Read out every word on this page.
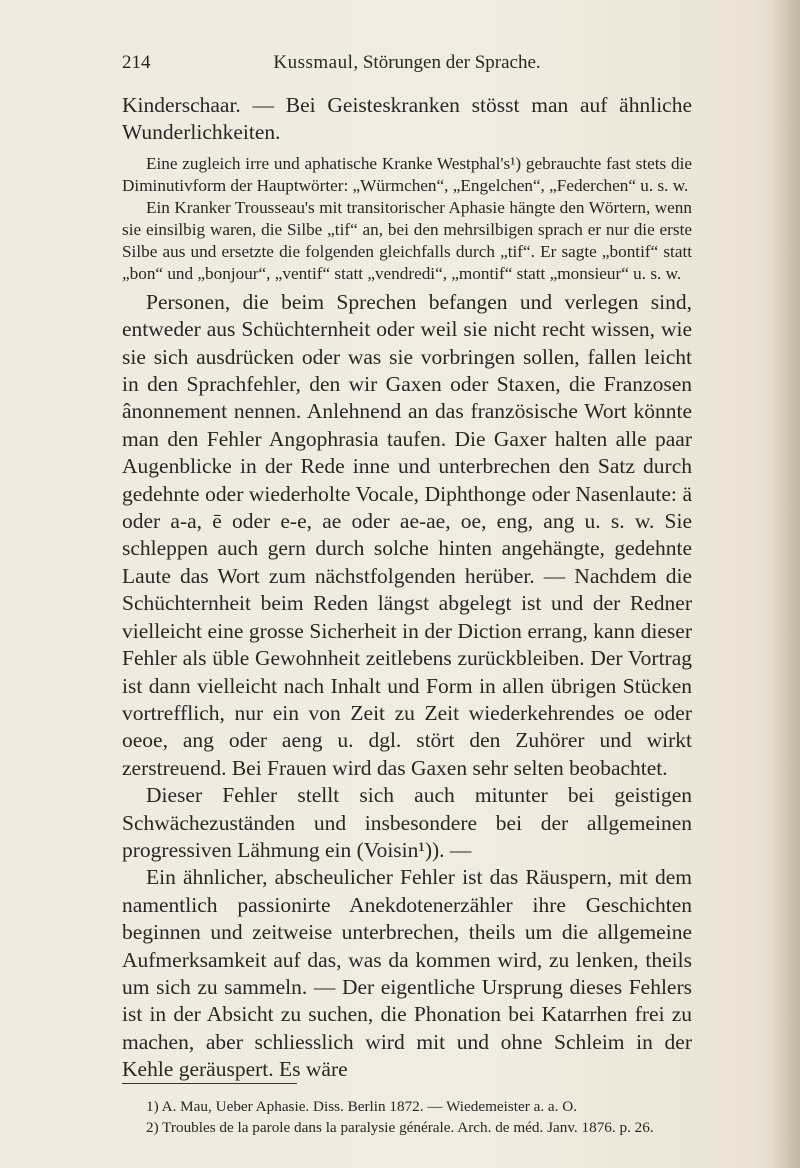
214	Kussmaul, Störungen der Sprache.

Kinderschaar. — Bei Geisteskranken stösst man auf ähnliche Wunderlichkeiten.

Eine zugleich irre und aphatische Kranke Westphal's¹) gebrauchte fast stets die Diminutivform der Hauptwörter: „Würmchen“, „Engelchen“, „Federchen“ u. s. w.

Ein Kranker Trousseau's mit transitorischer Aphasie hängte den Wörtern, wenn sie einsilbig waren, die Silbe „tif“ an, bei den mehrsilbigen sprach er nur die erste Silbe aus und ersetzte die folgenden gleichfalls durch „tif“. Er sagte „bontif“ statt „bon“ und „bonjour“, „ventif“ statt „vendredi“, „montif“ statt „monsieur“ u. s. w.

Personen, die beim Sprechen befangen und verlegen sind, entweder aus Schüchternheit oder weil sie nicht recht wissen, wie sie sich ausdrücken oder was sie vorbringen sollen, fallen leicht in den Sprachfehler, den wir Gaxen oder Staxen, die Franzosen ânonnement nennen. Anlehnend an das französische Wort könnte man den Fehler Angophrasia taufen. Die Gaxer halten alle paar Augenblicke in der Rede inne und unterbrechen den Satz durch gedehnte oder wiederholte Vocale, Diphthonge oder Nasenlaute: ä oder a-a, ē oder e-e, ae oder ae-ae, oe, eng, ang u. s. w. Sie schleppen auch gern durch solche hinten angehängte, gedehnte Laute das Wort zum nächstfolgenden herüber. — Nachdem die Schüchternheit beim Reden längst abgelegt ist und der Redner vielleicht eine grosse Sicherheit in der Diction errang, kann dieser Fehler als üble Gewohnheit zeitlebens zurückbleiben. Der Vortrag ist dann vielleicht nach Inhalt und Form in allen übrigen Stücken vortrefflich, nur ein von Zeit zu Zeit wiederkehrendes oe oder oeoe, ang oder aeng u. dgl. stört den Zuhörer und wirkt zerstreuend. Bei Frauen wird das Gaxen sehr selten beobachtet.

Dieser Fehler stellt sich auch mitunter bei geistigen Schwächezuständen und insbesondere bei der allgemeinen progressiven Lähmung ein (Voisin¹)). —

Ein ähnlicher, abscheulicher Fehler ist das Räuspern, mit dem namentlich passionirte Anekdotenerzähler ihre Geschichten beginnen und zeitweise unterbrechen, theils um die allgemeine Aufmerksamkeit auf das, was da kommen wird, zu lenken, theils um sich zu sammeln. — Der eigentliche Ursprung dieses Fehlers ist in der Absicht zu suchen, die Phonation bei Katarrhen frei zu machen, aber schliesslich wird mit und ohne Schleim in der Kehle geräuspert. Es wäre

1) A. Mau, Ueber Aphasie. Diss. Berlin 1872. — Wiedemeister a. a. O.

2) Troubles de la parole dans la paralysie générale. Arch. de méd. Janv. 1876. p. 26.
